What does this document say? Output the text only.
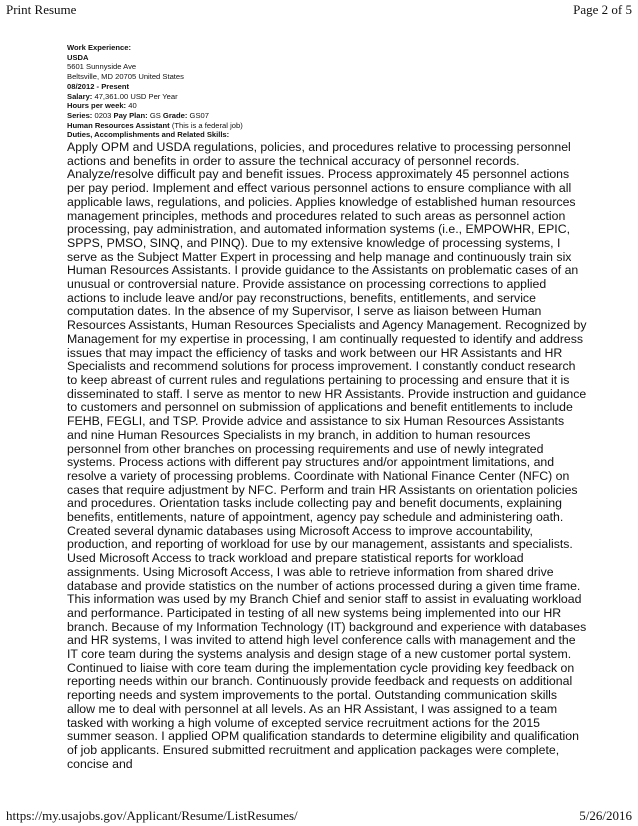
Print Resume	Page 2 of 5
Work Experience:
USDA
5601 Sunnyside Ave
Beltsville, MD 20705 United States
08/2012 - Present
Salary: 47,361.00 USD Per Year
Hours per week: 40
Series: 0203 Pay Plan: GS Grade: GS07
Human Resources Assistant (This is a federal job)
Duties, Accomplishments and Related Skills:
Apply OPM and USDA regulations, policies, and procedures relative to processing personnel actions and benefits in order to assure the technical accuracy of personnel records. Analyze/resolve difficult pay and benefit issues. Process approximately 45 personnel actions per pay period. Implement and effect various personnel actions to ensure compliance with all applicable laws, regulations, and policies. Applies knowledge of established human resources management principles, methods and procedures related to such areas as personnel action processing, pay administration, and automated information systems (i.e., EMPOWHR, EPIC, SPPS, PMSO, SINQ, and PINQ). Due to my extensive knowledge of processing systems, I serve as the Subject Matter Expert in processing and help manage and continuously train six Human Resources Assistants. I provide guidance to the Assistants on problematic cases of an unusual or controversial nature. Provide assistance on processing corrections to applied actions to include leave and/or pay reconstructions, benefits, entitlements, and service computation dates. In the absence of my Supervisor, I serve as liaison between Human Resources Assistants, Human Resources Specialists and Agency Management. Recognized by Management for my expertise in processing, I am continually requested to identify and address issues that may impact the efficiency of tasks and work between our HR Assistants and HR Specialists and recommend solutions for process improvement. I constantly conduct research to keep abreast of current rules and regulations pertaining to processing and ensure that it is disseminated to staff. I serve as mentor to new HR Assistants. Provide instruction and guidance to customers and personnel on submission of applications and benefit entitlements to include FEHB, FEGLI, and TSP. Provide advice and assistance to six Human Resources Assistants and nine Human Resources Specialists in my branch, in addition to human resources personnel from other branches on processing requirements and use of newly integrated systems. Process actions with different pay structures and/or appointment limitations, and resolve a variety of processing problems. Coordinate with National Finance Center (NFC) on cases that require adjustment by NFC. Perform and train HR Assistants on orientation policies and procedures. Orientation tasks include collecting pay and benefit documents, explaining benefits, entitlements, nature of appointment, agency pay schedule and administering oath. Created several dynamic databases using Microsoft Access to improve accountability, production, and reporting of workload for use by our management, assistants and specialists. Used Microsoft Access to track workload and prepare statistical reports for workload assignments. Using Microsoft Access, I was able to retrieve information from shared drive database and provide statistics on the number of actions processed during a given time frame. This information was used by my Branch Chief and senior staff to assist in evaluating workload and performance. Participated in testing of all new systems being implemented into our HR branch. Because of my Information Technology (IT) background and experience with databases and HR systems, I was invited to attend high level conference calls with management and the IT core team during the systems analysis and design stage of a new customer portal system. Continued to liaise with core team during the implementation cycle providing key feedback on reporting needs within our branch. Continuously provide feedback and requests on additional reporting needs and system improvements to the portal. Outstanding communication skills allow me to deal with personnel at all levels. As an HR Assistant, I was assigned to a team tasked with working a high volume of excepted service recruitment actions for the 2015 summer season. I applied OPM qualification standards to determine eligibility and qualification of job applicants. Ensured submitted recruitment and application packages were complete, concise and
https://my.usajobs.gov/Applicant/Resume/ListResumes/	5/26/2016
